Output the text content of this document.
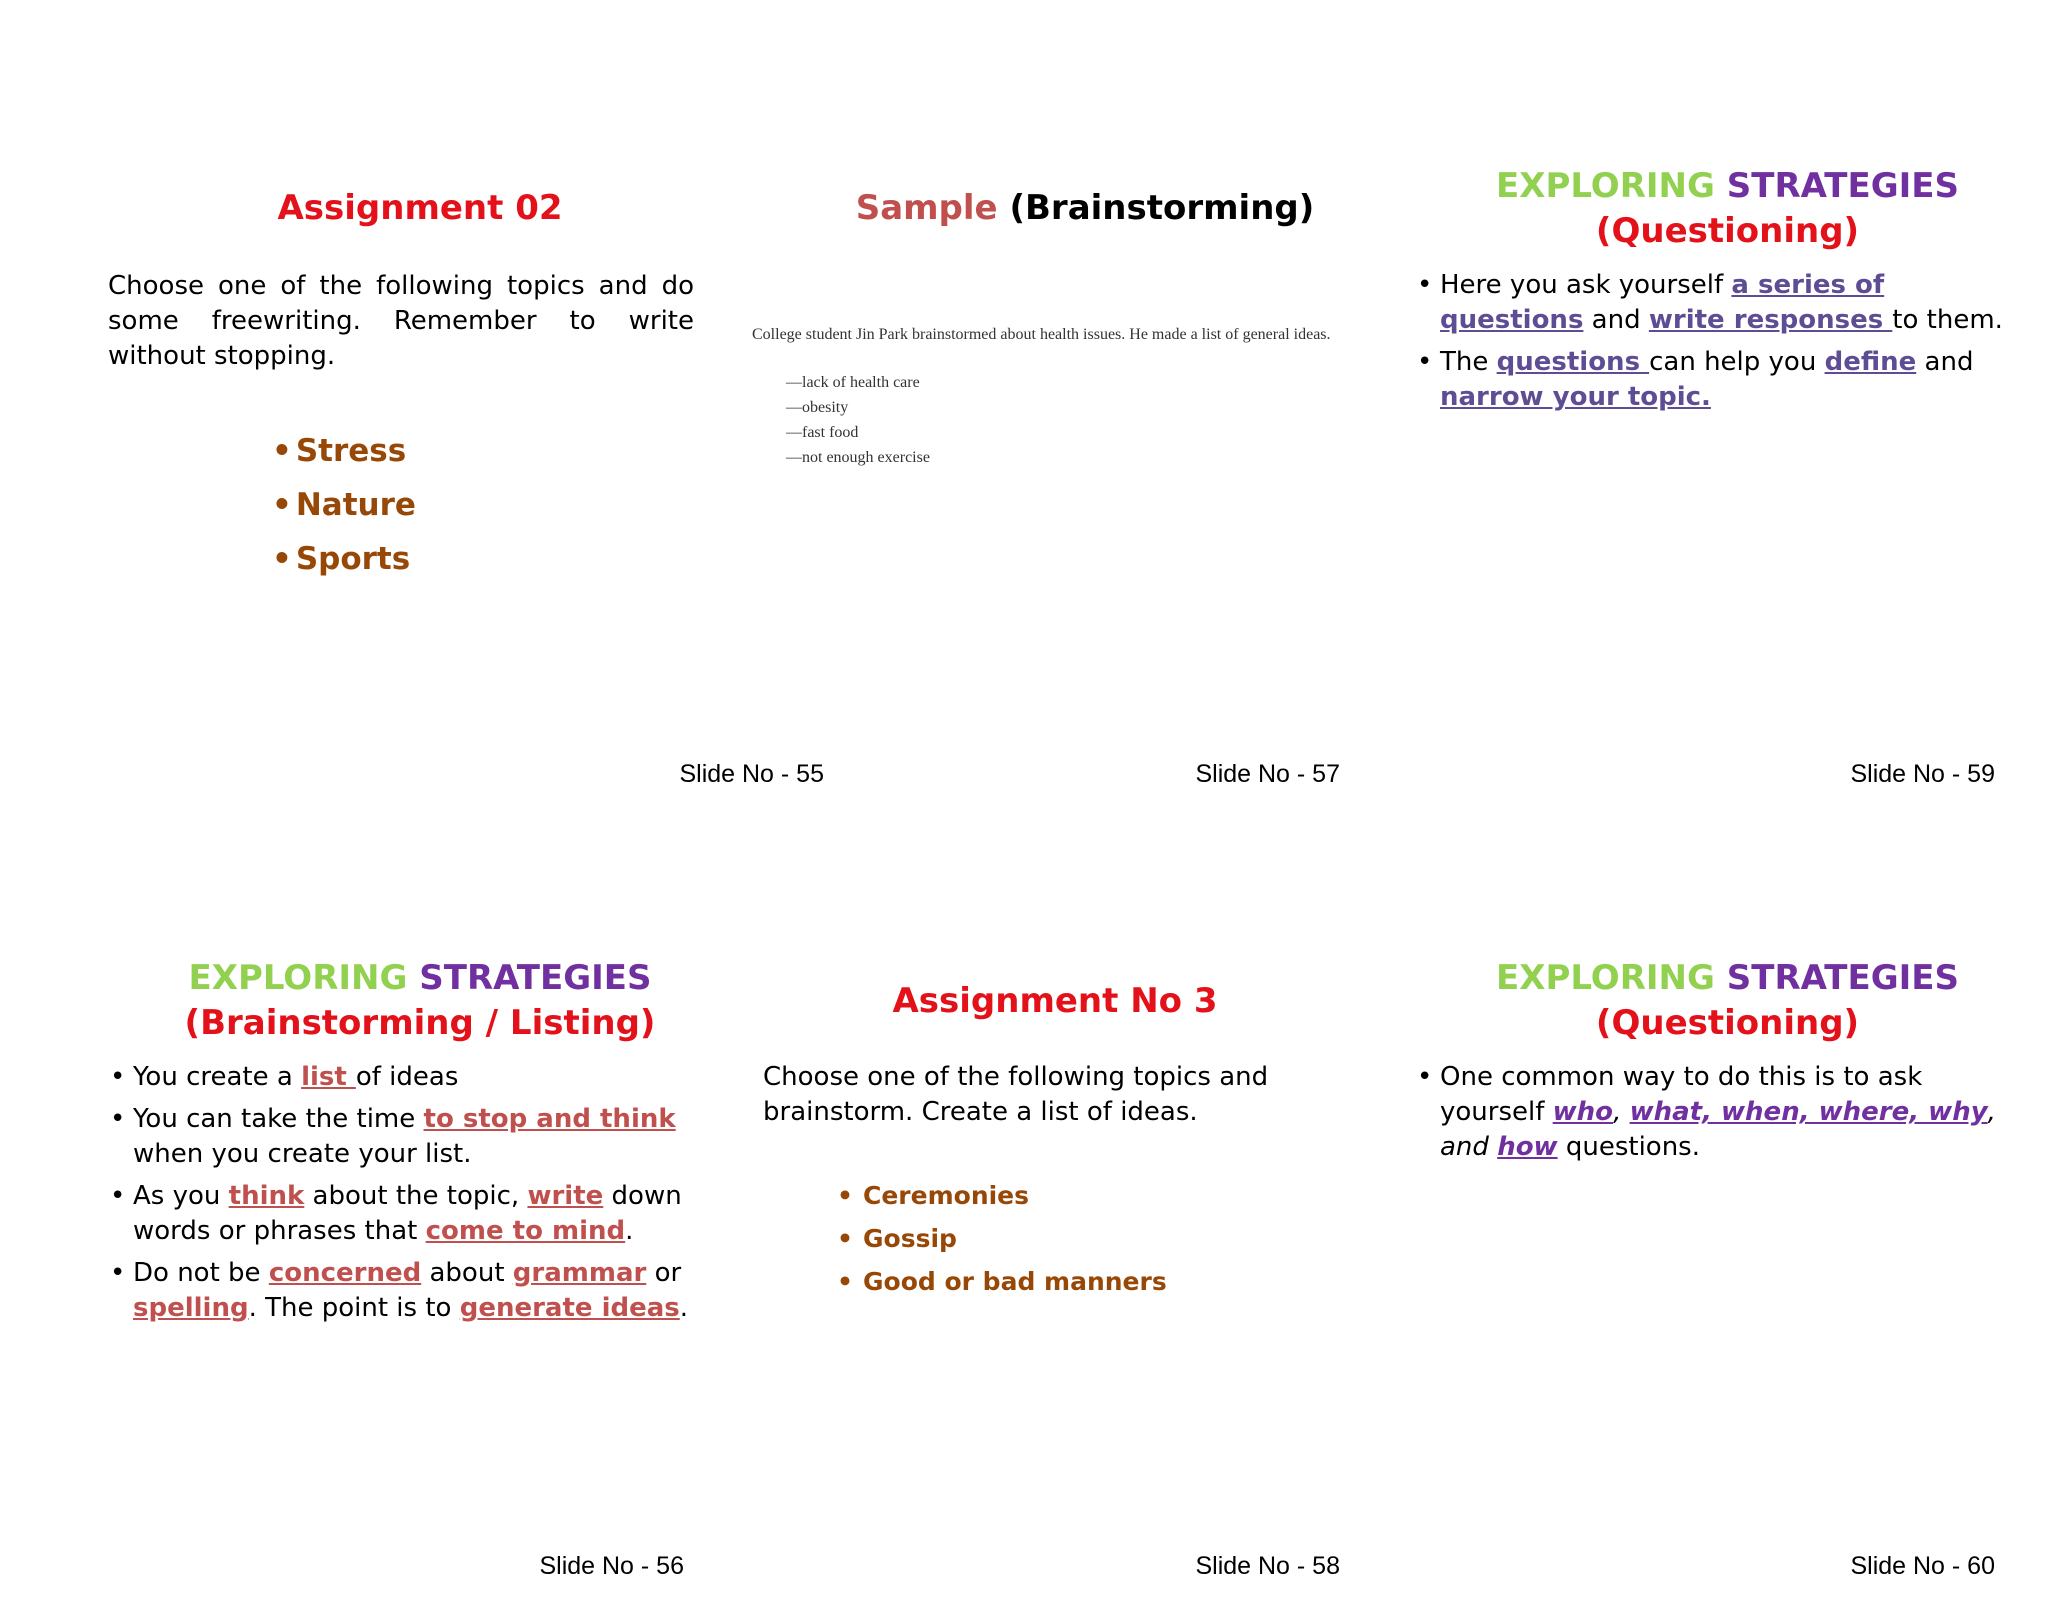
Assignment 02
Choose one of the following topics and do some freewriting. Remember to write without stopping.
• Stress
• Nature
• Sports
Slide No - 55
Sample (Brainstorming)
College student Jin Park brainstormed about health issues. He made a list of general ideas.
—lack of health care
—obesity
—fast food
—not enough exercise
Slide No - 57
EXPLORING STRATEGIES
(Questioning)
• Here you ask yourself a series of questions and write responses to them.
• The questions can help you define and narrow your topic.
Slide No - 59
EXPLORING STRATEGIES
(Brainstorming / Listing)
• You create a list of ideas
• You can take the time to stop and think when you create your list.
• As you think about the topic, write down words or phrases that come to mind.
• Do not be concerned about grammar or spelling. The point is to generate ideas.
Slide No - 56
Assignment No 3
Choose one of the following topics and brainstorm. Create a list of ideas.
• Ceremonies
• Gossip
• Good or bad manners
Slide No - 58
EXPLORING STRATEGIES
(Questioning)
• One common way to do this is to ask yourself who, what, when, where, why, and how questions.
Slide No - 60
